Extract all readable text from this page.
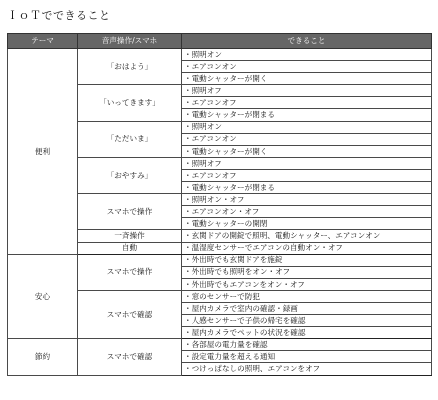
ＩｏＴでできること
テーマ	音声操作/スマホ	できること
便利	「おはよう」	・照明オン
		・エアコンオン
		・電動シャッターが開く
	「いってきます」	・照明オフ
		・エアコンオフ
		・電動シャッターが閉まる
	「ただいま」	・照明オン
		・エアコンオン
		・電動シャッターが開く
	「おやすみ」	・照明オフ
		・エアコンオフ
		・電動シャッターが閉まる
	スマホで操作	・照明オン・オフ
		・エアコンオン・オフ
		・電動シャッターの開閉
	一斉操作	・玄関ドアの開錠で照明、電動シャッター、エアコンオン
	自動	・温湿度センサーでエアコンの自動オン・オフ
安心	スマホで操作	・外出時でも玄関ドアを施錠
		・外出時でも照明をオン・オフ
		・外出時でもエアコンをオン・オフ
	スマホで確認	・窓のセンサーで防犯
		・屋内カメラで室内の確認・録画
		・人感センサーで子供の帰宅を確認
		・屋内カメラでペットの状況を確認
節約	スマホで確認	・各部屋の電力量を確認
		・設定電力量を超える通知
		・つけっぱなしの照明、エアコンをオフ
